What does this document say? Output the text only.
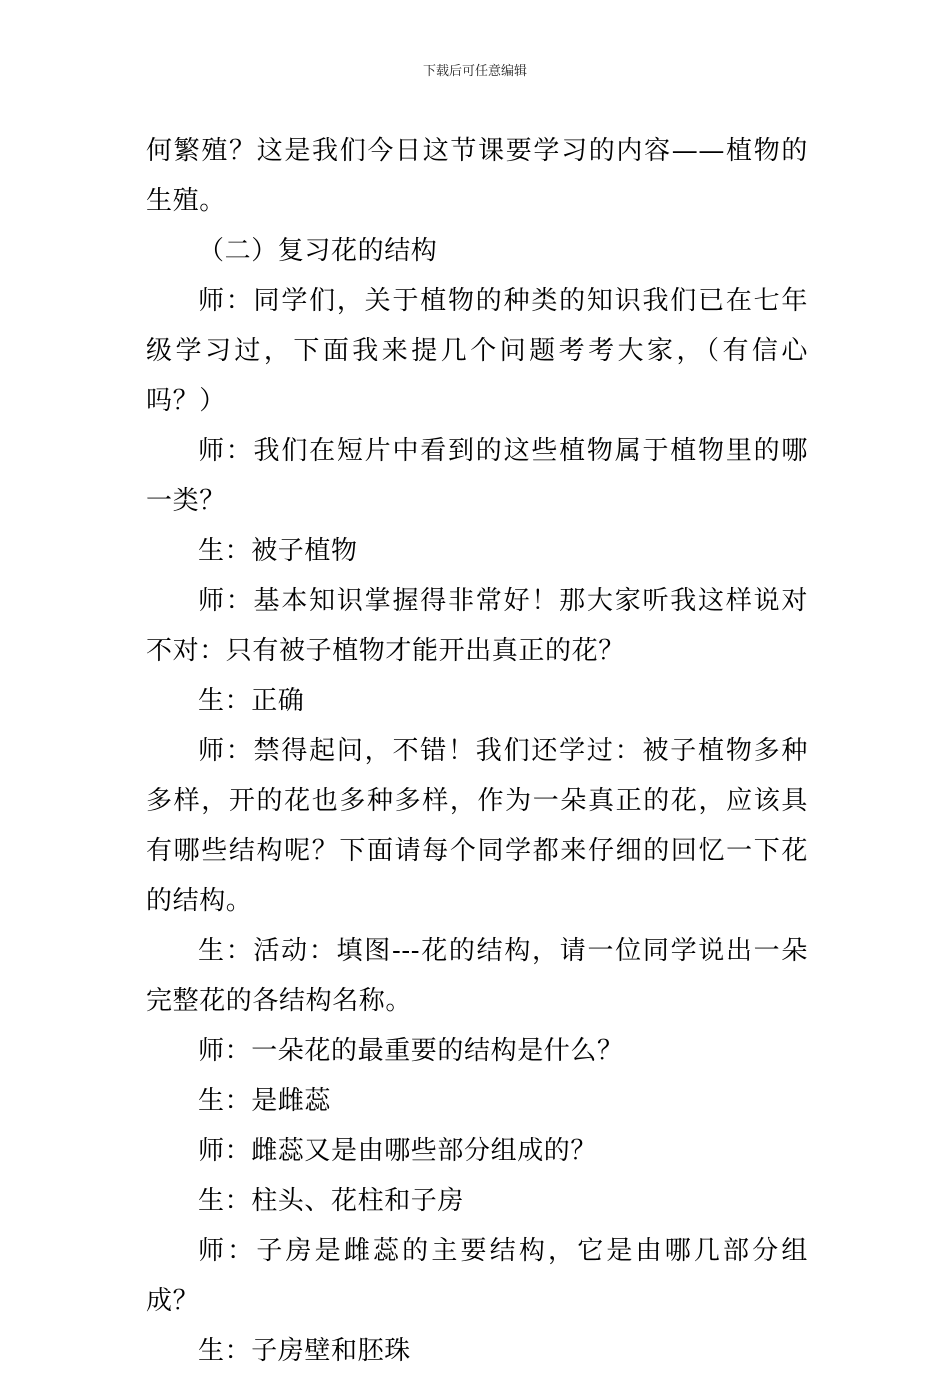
下载后可任意编辑

何繁殖？这是我们今日这节课要学习的内容——植物的生殖。

（二）复习花的结构

师：同学们，关于植物的种类的知识我们已在七年级学习过，下面我来提几个问题考考大家，（有信心吗？）

师：我们在短片中看到的这些植物属于植物里的哪一类？

生：被子植物

师：基本知识掌握得非常好！那大家听我这样说对不对：只有被子植物才能开出真正的花？

生：正确

师：禁得起问，不错！我们还学过：被子植物多种多样，开的花也多种多样，作为一朵真正的花，应该具有哪些结构呢？下面请每个同学都来仔细的回忆一下花的结构。

生：活动：填图---花的结构，请一位同学说出一朵完整花的各结构名称。

师：一朵花的最重要的结构是什么？

生：是雌蕊

师：雌蕊又是由哪些部分组成的？

生：柱头、花柱和子房

师：子房是雌蕊的主要结构，它是由哪几部分组成？

生：子房壁和胚珠
